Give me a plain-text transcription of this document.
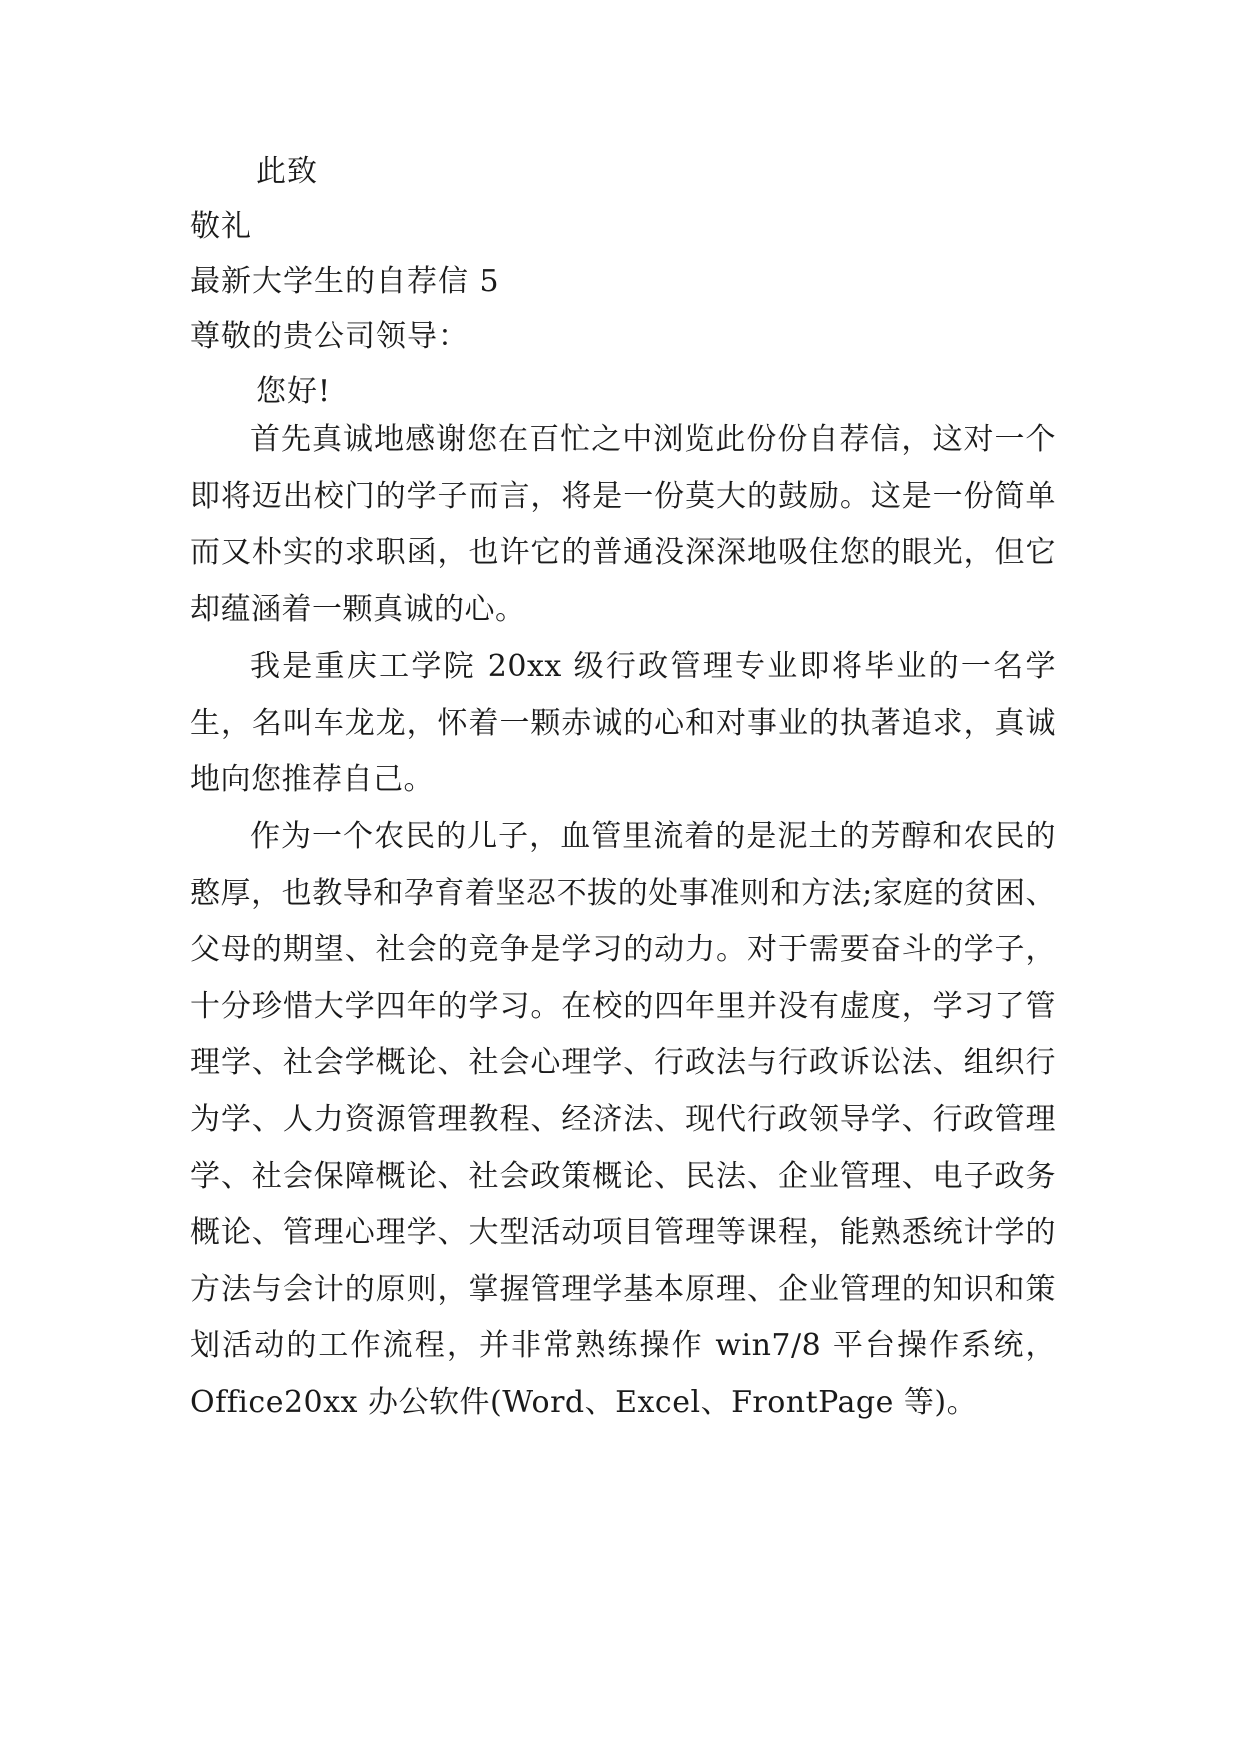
此致
敬礼
最新大学生的自荐信 5
尊敬的贵公司领导：
您好!

首先真诚地感谢您在百忙之中浏览此份份自荐信，这对一个即将迈出校门的学子而言，将是一份莫大的鼓励。这是一份简单而又朴实的求职函，也许它的普通没深深地吸住您的眼光，但它却蕴涵着一颗真诚的心。

我是重庆工学院 20xx 级行政管理专业即将毕业的一名学生，名叫车龙龙，怀着一颗赤诚的心和对事业的执著追求，真诚地向您推荐自己。

作为一个农民的儿子，血管里流着的是泥土的芳醇和农民的憨厚，也教导和孕育着坚忍不拔的处事准则和方法;家庭的贫困、父母的期望、社会的竞争是学习的动力。对于需要奋斗的学子，十分珍惜大学四年的学习。在校的四年里并没有虚度，学习了管理学、社会学概论、社会心理学、行政法与行政诉讼法、组织行为学、人力资源管理教程、经济法、现代行政领导学、行政管理学、社会保障概论、社会政策概论、民法、企业管理、电子政务概论、管理心理学、大型活动项目管理等课程，能熟悉统计学的方法与会计的原则，掌握管理学基本原理、企业管理的知识和策划活动的工作流程，并非常熟练操作 win7/8 平台操作系统，Office20xx 办公软件(Word、Excel、FrontPage 等)。
